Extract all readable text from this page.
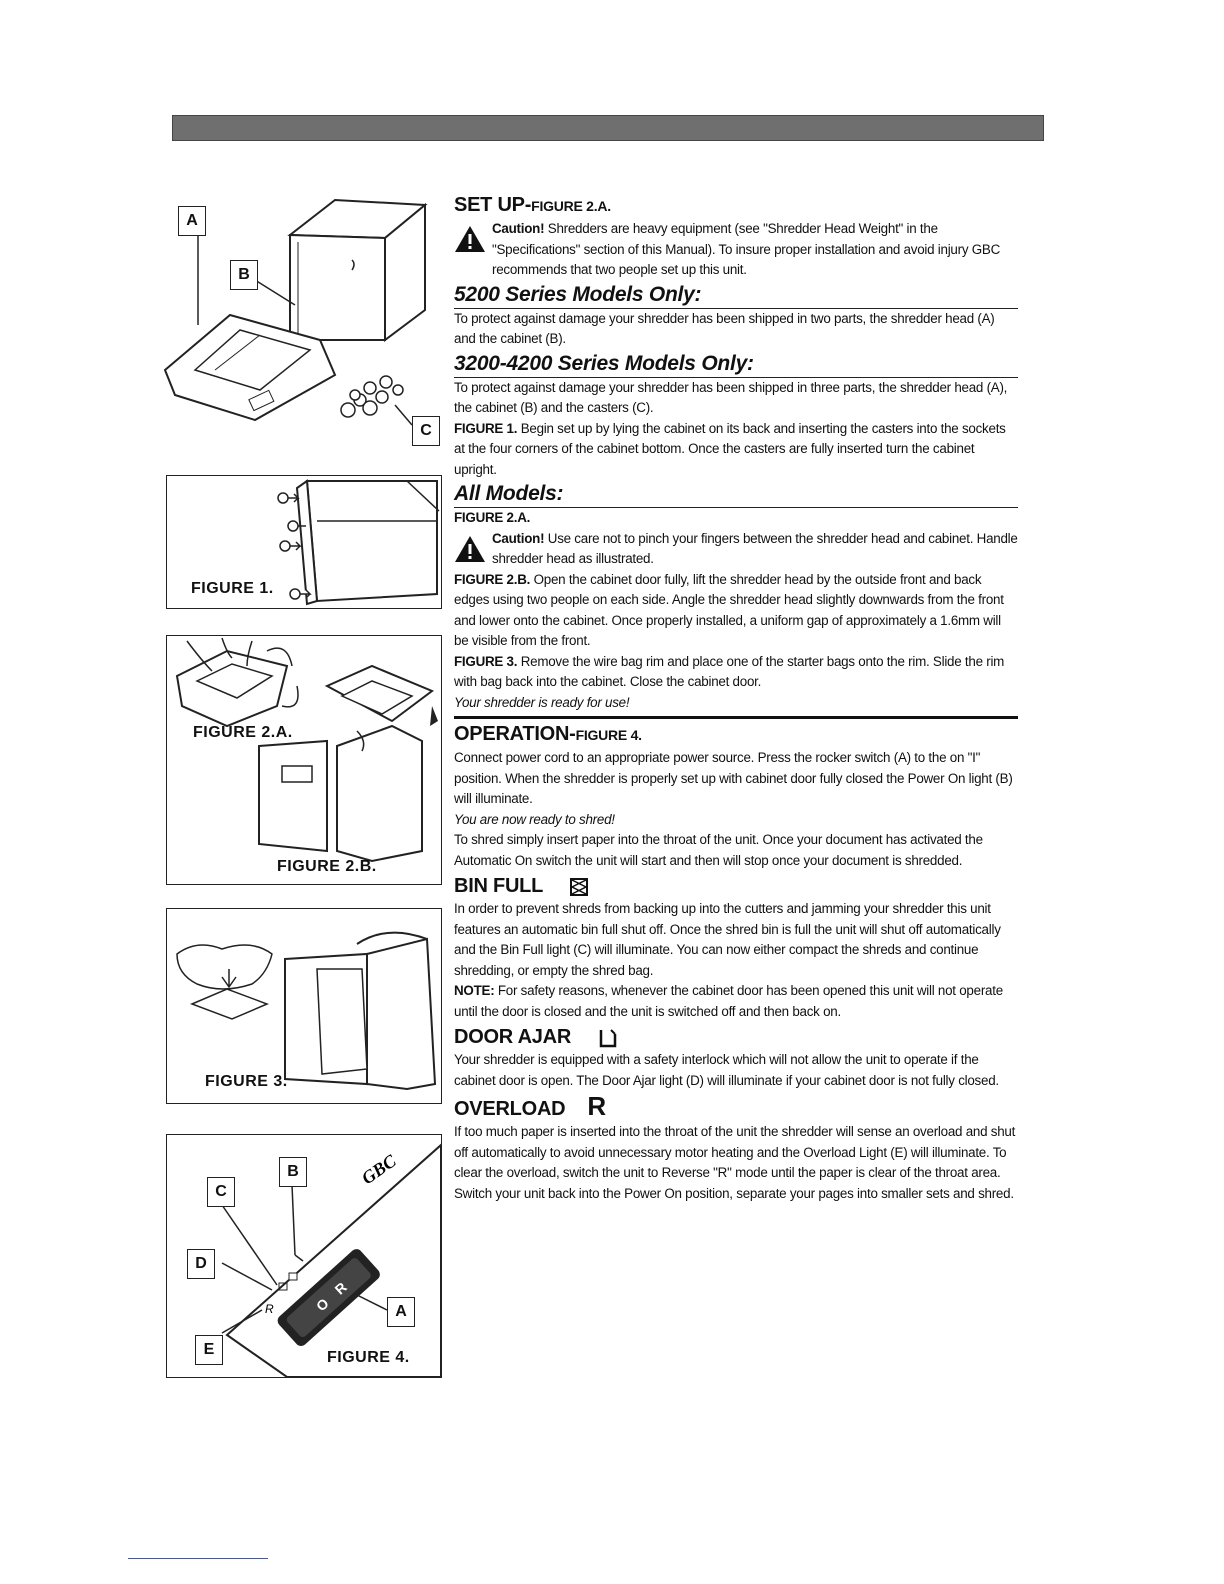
A
B
C
FIGURE 1.
FIGURE 2.A.
FIGURE 2.B.
FIGURE 3.
O
R
R
GBC
B
C
D
A
E	FIGURE 4.
SET UP-FIGURE 2.A.

Caution! Shredders are heavy equipment (see "Shredder Head Weight" in the "Specifications" section of this Manual). To insure proper installation and avoid injury GBC recommends that two people set up this unit.

5200 Series Models Only:

To protect against damage your shredder has been shipped in two parts, the shredder head (A) and the cabinet (B).

3200-4200 Series Models Only:

To protect against damage your shredder has been shipped in three parts, the shredder head (A), the cabinet (B) and the casters (C).

FIGURE 1. Begin set up by lying the cabinet on its back and inserting the casters into the sockets at the four corners of the cabinet bottom. Once the casters are fully inserted turn the cabinet upright.

All Models:

FIGURE 2.A.

Caution! Use care not to pinch your fingers between the shredder head and cabinet. Handle shredder head as illustrated.

FIGURE 2.B. Open the cabinet door fully, lift the shredder head by the outside front and back edges using two people on each side. Angle the shredder head slightly downwards from the front and lower onto the cabinet. Once properly installed, a uniform gap of approximately a 1.6mm will be visible from the front.

FIGURE 3. Remove the wire bag rim and place one of the starter bags onto the rim. Slide the rim with bag back into the cabinet. Close the cabinet door.

Your shredder is ready for use!

OPERATION-FIGURE 4.

Connect power cord to an appropriate power source. Press the rocker switch (A) to the on "I" position. When the shredder is properly set up with cabinet door fully closed the Power On light (B) will illuminate.

You are now ready to shred!

To shred simply insert paper into the throat of the unit. Once your document has activated the Automatic On switch the unit will start and then will stop once your document is shredded.

BIN FULL

In order to prevent shreds from backing up into the cutters and jamming your shredder this unit features an automatic bin full shut off. Once the shred bin is full the unit will shut off automatically and the Bin Full light (C) will illuminate. You can now either compact the shreds and continue shredding, or empty the shred bag.

NOTE: For safety reasons, whenever the cabinet door has been opened this unit will not operate until the door is closed and the unit is switched off and then back on.

DOOR AJAR

Your shredder is equipped with a safety interlock which will not allow the unit to operate if the cabinet door is open. The Door Ajar light (D) will illuminate if your cabinet door is not fully closed.

OVERLOAD R

If too much paper is inserted into the throat of the unit the shredder will sense an overload and shut off automatically to avoid unnecessary motor heating and the Overload Light (E) will illuminate. To clear the overload, switch the unit to Reverse "R" mode until the paper is clear of the throat area. Switch your unit back into the Power On position, separate your pages into smaller sets and shred.
